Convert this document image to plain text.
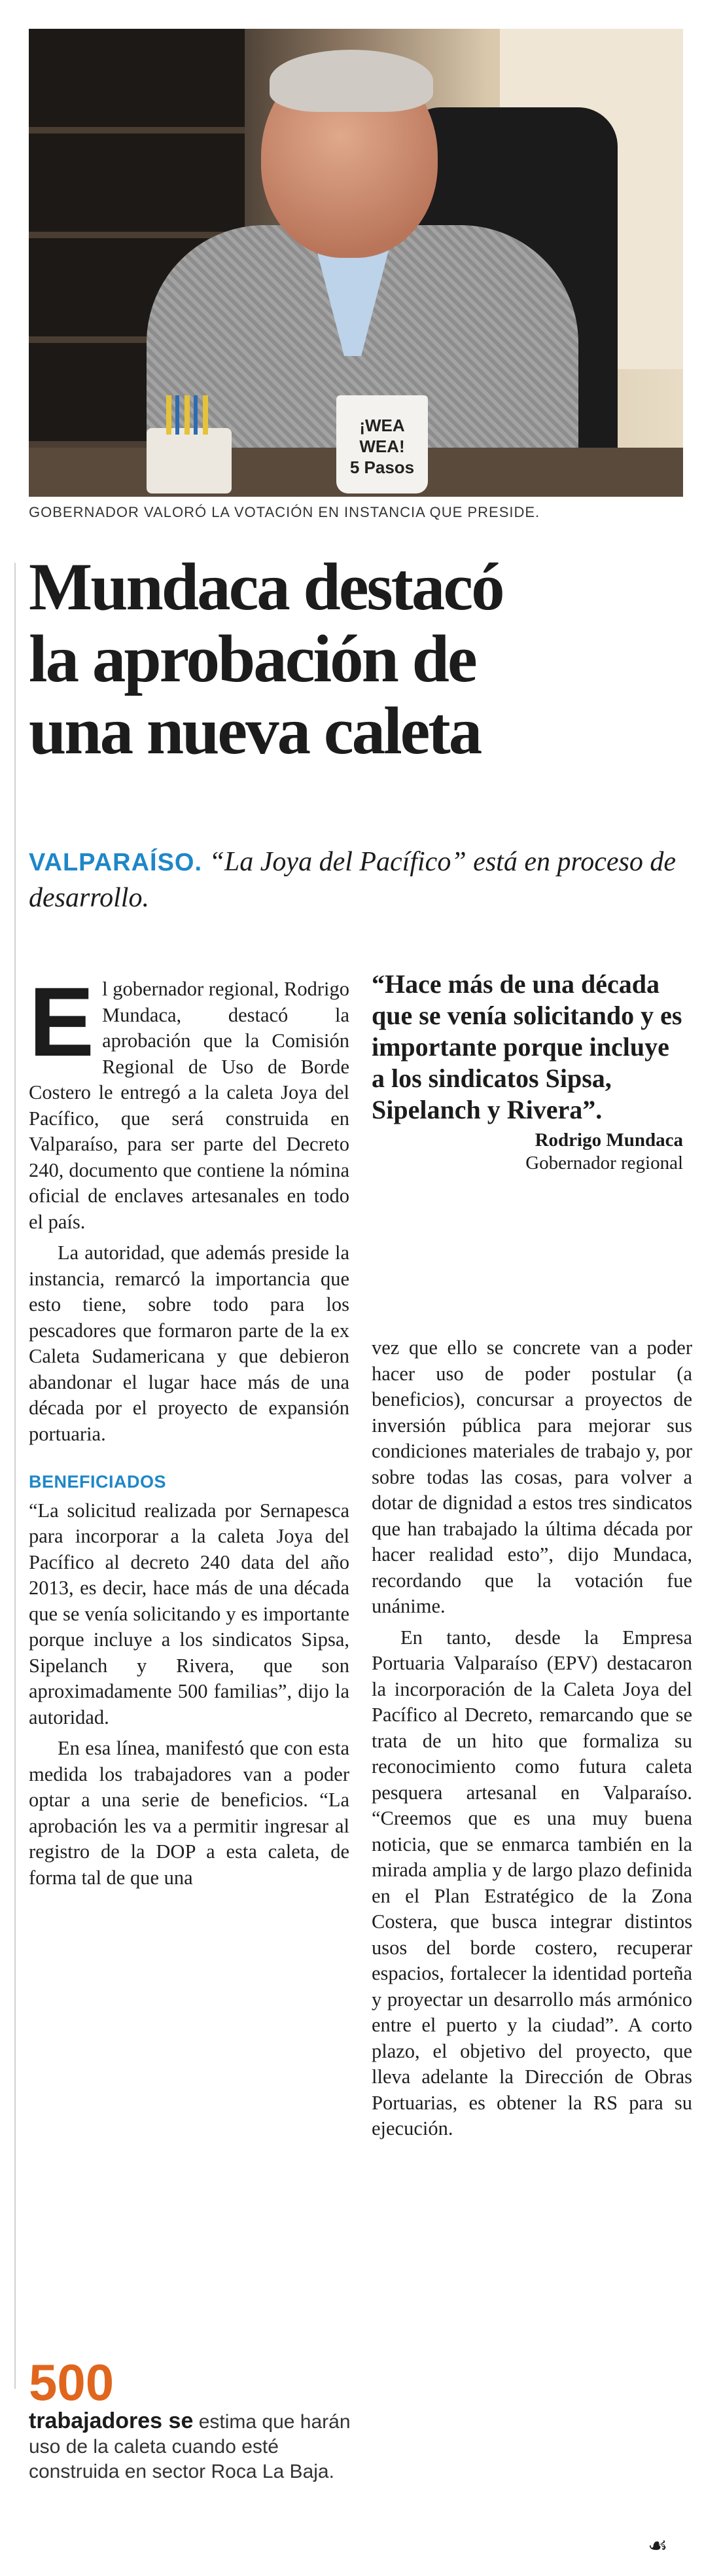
¡WEA
WEA!
5 Pasos
GOBERNADOR VALORÓ LA VOTACIÓN EN INSTANCIA QUE PRESIDE.
Mundaca destacó
la aprobación de
una nueva caleta
VALPARAÍSO. “La Joya del Pacífico” está en proceso de desarrollo.

El gobernador regional, Rodrigo Mundaca, destacó la aprobación que la Comisión Regional de Uso de Borde Costero le entregó a la caleta Joya del Pacífico, que será construida en Valparaíso, para ser parte del Decreto 240, documento que contiene la nómina oficial de enclaves artesanales en todo el país.

La autoridad, que además preside la instancia, remarcó la importancia que esto tiene, sobre todo para los pescadores que formaron parte de la ex Caleta Sudamericana y que debieron abandonar el lugar hace más de una década por el proyecto de expansión portuaria.

BENEFICIADOS

“La solicitud realizada por Sernapesca para incorporar a la caleta Joya del Pacífico al decreto 240 data del año 2013, es decir, hace más de una década que se venía solicitando y es importante porque incluye a los sindicatos Sipsa, Sipelanch y Rivera, que son aproximadamente 500 familias”, dijo la autoridad.

En esa línea, manifestó que con esta medida los trabajadores van a poder optar a una serie de beneficios. “La aprobación les va a permitir ingresar al registro de la DOP a esta caleta, de forma tal de que una

“Hace más de una década que se venía solicitando y es importante porque incluye a los sindicatos Sipsa, Sipelanch y Rivera”.

Rodrigo Mundaca
Gobernador regional

vez que ello se concrete van a poder hacer uso de poder postular (a beneficios), concursar a proyectos de inversión pública para mejorar sus condiciones materiales de trabajo y, por sobre todas las cosas, para volver a dotar de dignidad a estos tres sindicatos que han trabajado la última década por hacer realidad esto”, dijo Mundaca, recordando que la votación fue unánime.

En tanto, desde la Empresa Portuaria Valparaíso (EPV) destacaron la incorporación de la Caleta Joya del Pacífico al Decreto, remarcando que se trata de un hito que formaliza su reconocimiento como futura caleta pesquera artesanal en Valparaíso. “Creemos que es una muy buena noticia, que se enmarca también en la mirada amplia y de largo plazo definida en el Plan Estratégico de la Zona Costera, que busca integrar distintos usos del borde costero, recuperar espacios, fortalecer la identidad porteña y proyectar un desarrollo más armónico entre el puerto y la ciudad”. A corto plazo, el objetivo del proyecto, que lleva adelante la Dirección de Obras Portuarias, es obtener la RS para su ejecución.

500
trabajadores se estima que harán uso de la caleta cuando esté construida en sector Roca La Baja.
☙
